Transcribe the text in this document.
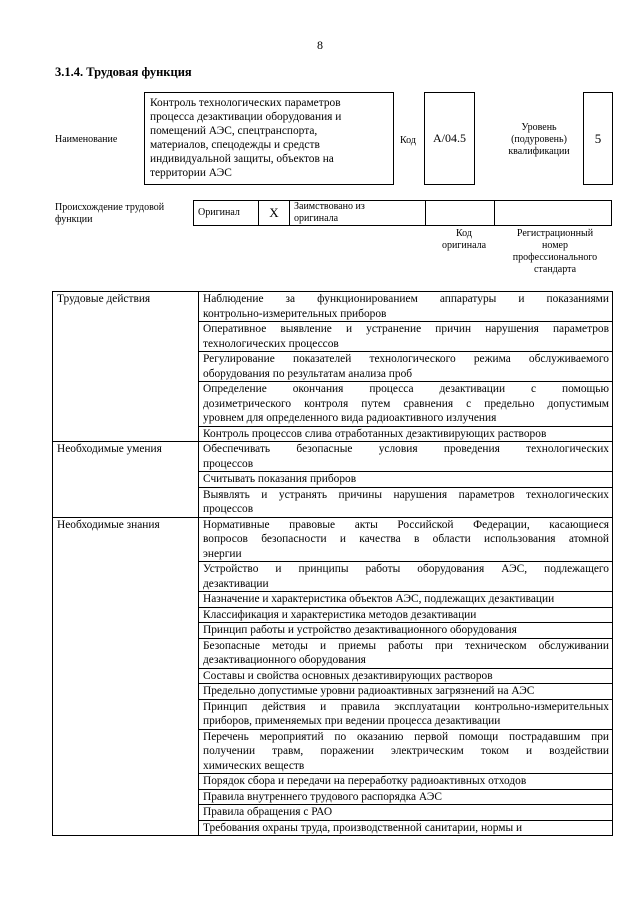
8
3.1.4. Трудовая функция
Наименование
Контроль технологических параметров
процесса дезактивации оборудования и
помещений АЭС, спецтранспорта,
материалов, спецодежды и средств
индивидуальной защиты, объектов на
территории АЭС
Код А/04.5
Уровень
(подуровень)
квалификации
5
Происхождение трудовой
функции
Оригинал	X	Заимствовано из
оригинала

Код
оригинала
Регистрационный
номер
профессионального
стандарта
Трудовые действия	Наблюдение за функционированием аппаратуры и показаниями
контрольно-измерительных приборов

	Оперативное выявление и устранение причин нарушения параметров
технологических процессов

	Регулирование показателей технологического режима обслуживаемого
оборудования по результатам анализа проб

	Определение окончания процесса дезактивации с помощью
дозиметрического контроля путем сравнения с предельно допустимым
уровнем для определенного вида радиоактивного излучения

	Контроль процессов слива отработанных дезактивирующих растворов

Необходимые умения	Обеспечивать безопасные условия проведения технологических
процессов

	Считывать показания приборов

	Выявлять и устранять причины нарушения параметров технологических
процессов

Необходимые знания	Нормативные правовые акты Российской Федерации, касающиеся
вопросов безопасности и качества в области использования атомной
энергии

	Устройство и принципы работы оборудования АЭС, подлежащего
дезактивации

	Назначение и характеристика объектов АЭС, подлежащих дезактивации

	Классификация и характеристика методов дезактивации

	Принцип работы и устройство дезактивационного оборудования

	Безопасные методы и приемы работы при техническом обслуживании
дезактивационного оборудования

	Составы и свойства основных дезактивирующих растворов

	Предельно допустимые уровни радиоактивных загрязнений на АЭС

	Принцип действия и правила эксплуатации контрольно-измерительных
приборов, применяемых при ведении процесса дезактивации

	Перечень мероприятий по оказанию первой помощи пострадавшим при
получении травм, поражении электрическим током и воздействии
химических веществ

	Порядок сбора и передачи на переработку радиоактивных отходов

	Правила внутреннего трудового распорядка АЭС

	Правила обращения с РАО

	Требования охраны труда, производственной санитарии, нормы и
